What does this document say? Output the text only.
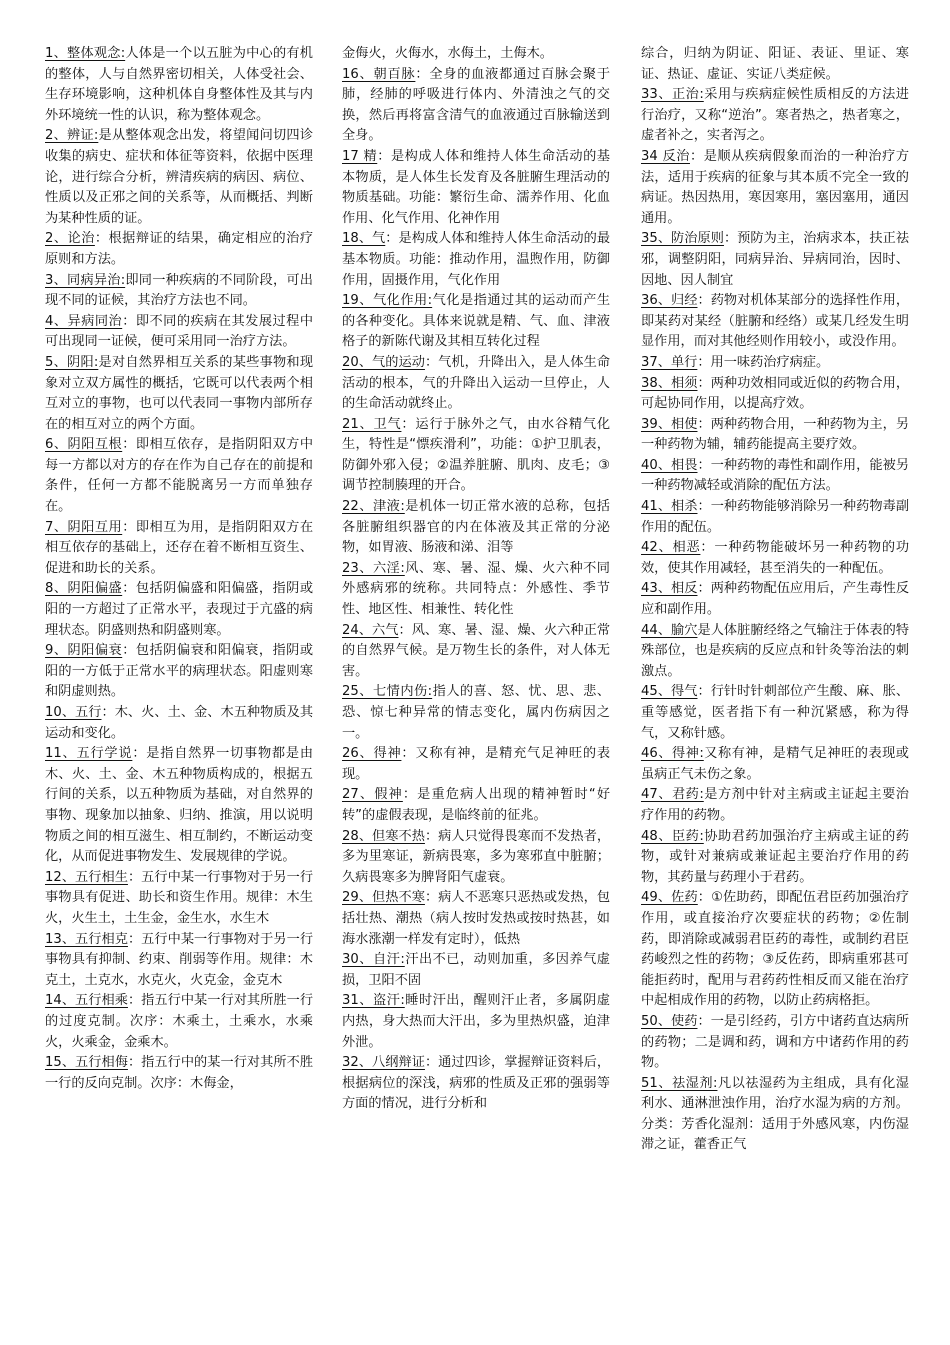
1、整体观念:人体是一个以五脏为中心的有机的整体，人与自然界密切相关，人体受社会、生存环境影响，这种机体自身整体性及其与内外环境统一性的认识，称为整体观念。

2、辨证:是从整体观念出发，将望闻问切四诊收集的病史、症状和体征等资料，依据中医理论，进行综合分析，辨清疾病的病因、病位、性质以及正邪之间的关系等，从而概括、判断为某种性质的证。

2、论治：根据辩证的结果，确定相应的治疗原则和方法。

3、同病异治:即同一种疾病的不同阶段，可出现不同的证候，其治疗方法也不同。

4、异病同治：即不同的疾病在其发展过程中可出现同一证候，便可采用同一治疗方法。

5、阴阳:是对自然界相互关系的某些事物和现象对立双方属性的概括，它既可以代表两个相互对立的事物，也可以代表同一事物内部所存在的相互对立的两个方面。

6、阴阳互根：即相互依存，是指阴阳双方中每一方都以对方的存在作为自己存在的前提和条件，任何一方都不能脱离另一方而单独存在。

7、阴阳互用：即相互为用，是指阴阳双方在相互依存的基础上，还存在着不断相互资生、促进和助长的关系。

8、阴阳偏盛：包括阴偏盛和阳偏盛，指阴或阳的一方超过了正常水平，表现过于亢盛的病理状态。阴盛则热和阴盛则寒。

9、阴阳偏衰：包括阴偏衰和阳偏衰，指阴或阳的一方低于正常水平的病理状态。阳虚则寒和阴虚则热。

10、五行：木、火、土、金、木五种物质及其运动和变化。

11、五行学说：是指自然界一切事物都是由木、火、土、金、木五种物质构成的，根据五行间的关系，以五种物质为基础，对自然界的事物、现象加以抽象、归纳、推演，用以说明物质之间的相互滋生、相互制约，不断运动变化，从而促进事物发生、发展规律的学说。

12、五行相生：五行中某一行事物对于另一行事物具有促进、助长和资生作用。规律：木生火，火生土，土生金，金生水，水生木

13、五行相克：五行中某一行事物对于另一行事物具有抑制、约束、削弱等作用。规律：木克土，土克水，水克火，火克金，金克木

14、五行相乘：指五行中某一行对其所胜一行的过度克制。次序：木乘土，土乘水，水乘火，火乘金，金乘木。

15、五行相侮：指五行中的某一行对其所不胜一行的反向克制。次序：木侮金，

金侮火，火侮水，水侮土，土侮木。

16、朝百脉：全身的血液都通过百脉会聚于肺，经肺的呼吸进行体内、外清浊之气的交换，然后再将富含清气的血液通过百脉输送到全身。

17 精：是构成人体和维持人体生命活动的基本物质，是人体生长发育及各脏腑生理活动的物质基础。功能：繁衍生命、濡养作用、化血作用、化气作用、化神作用

18、气：是构成人体和维持人体生命活动的最基本物质。功能：推动作用，温煦作用，防御作用，固摄作用，气化作用

19、气化作用:气化是指通过其的运动而产生的各种变化。具体来说就是精、气、血、津液格子的新陈代谢及其相互转化过程

20、气的运动：气机，升降出入，是人体生命活动的根本，气的升降出入运动一旦停止，人的生命活动就终止。

21、卫气：运行于脉外之气，由水谷精气化生，特性是“慓疾滑利”，功能：①护卫肌表，防御外邪入侵；②温养脏腑、肌肉、皮毛；③调节控制腠理的开合。

22、津液:是机体一切正常水液的总称，包括各脏腑组织器官的内在体液及其正常的分泌物，如胃液、肠液和涕、泪等

23、六淫:风、寒、暑、湿、燥、火六种不同外感病邪的统称。共同特点：外感性、季节性、地区性、相兼性、转化性

24、六气：风、寒、暑、湿、燥、火六种正常的自然界气候。是万物生长的条件，对人体无害。

25、七情内伤:指人的喜、怒、忧、思、悲、恐、惊七种异常的情志变化，属内伤病因之一。

26、得神：又称有神，是精充气足神旺的表现。

27、假神：是重危病人出现的精神暂时“好转”的虚假表现，是临终前的征兆。

28、但寒不热：病人只觉得畏寒而不发热者，多为里寒证，新病畏寒，多为寒邪直中脏腑；久病畏寒多为脾肾阳气虚衰。

29、但热不寒：病人不恶寒只恶热或发热，包括壮热、潮热（病人按时发热或按时热甚，如海水涨潮一样发有定时），低热

30、自汗:汗出不已，动则加重，多因养气虚损，卫阳不固

31、盗汗:睡时汗出，醒则汗止者，多属阴虚内热，身大热而大汗出，多为里热炽盛，迫津外泄。

32、八纲辩证：通过四诊，掌握辩证资料后，根据病位的深浅，病邪的性质及正邪的强弱等方面的情况，进行分析和

综合，归纳为阴证、阳证、表证、里证、寒证、热证、虚证、实证八类症候。

33、正治:采用与疾病症候性质相反的方法进行治疗，又称“逆治”。寒者热之，热者寒之，虚者补之，实者泻之。

34 反治：是顺从疾病假象而治的一种治疗方法，适用于疾病的征象与其本质不完全一致的病证。热因热用，寒因寒用，塞因塞用，通因通用。

35、防治原则：预防为主，治病求本，扶正祛邪，调整阴阳，同病异治、异病同治，因时、因地、因人制宜

36、归经：药物对机体某部分的选择性作用，即某药对某经（脏腑和经络）或某几经发生明显作用，而对其他经则作用较小，或没作用。

37、单行：用一味药治疗病症。

38、相须：两种功效相同或近似的药物合用，可起协同作用，以提高疗效。

39、相使：两种药物合用，一种药物为主，另一种药物为辅，辅药能提高主要疗效。

40、相畏：一种药物的毒性和副作用，能被另一种药物减轻或消除的配伍方法。

41、相杀：一种药物能够消除另一种药物毒副作用的配伍。

42、相恶：一种药物能破坏另一种药物的功效，使其作用减轻，甚至消失的一种配伍。

43、相反：两种药物配伍应用后，产生毒性反应和副作用。

44、腧穴是人体脏腑经络之气输注于体表的特殊部位，也是疾病的反应点和针灸等治法的刺激点。

45、得气：行针时针刺部位产生酸、麻、胀、重等感觉，医者指下有一种沉紧感，称为得气，又称针感。

46、得神:又称有神，是精气足神旺的表现或虽病正气未伤之象。

47、君药:是方剂中针对主病或主证起主要治疗作用的药物。

48、臣药:协助君药加强治疗主病或主证的药物，或针对兼病或兼证起主要治疗作用的药物，其药量与药理小于君药。

49、佐药：①佐助药，即配伍君臣药加强治疗作用，或直接治疗次要症状的药物；②佐制药，即消除或减弱君臣药的毒性，或制约君臣药峻烈之性的药物；③反佐药，即病重邪甚可能拒药时，配用与君药药性相反而又能在治疗中起相成作用的药物，以防止药病格拒。

50、使药：一是引经药，引方中诸药直达病所的药物；二是调和药，调和方中诸药作用的药物。

51、祛湿剂:凡以祛湿药为主组成，具有化湿利水、通淋泄浊作用，治疗水湿为病的方剂。分类：芳香化湿剂：适用于外感风寒，内伤湿滞之证，藿香正气
